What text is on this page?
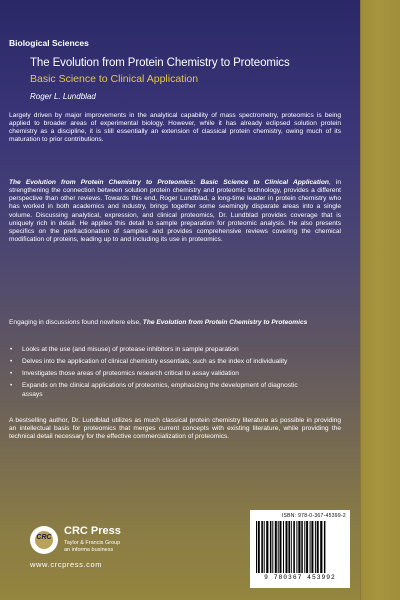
Biological Sciences
The Evolution from Protein Chemistry to Proteomics
Basic Science to Clinical Application
Roger L. Lundblad

Largely driven by major improvements in the analytical capability of mass spectrometry, proteomics is being applied to broader areas of experimental biology. However, while it has already eclipsed solution protein chemistry as a discipline, it is still essentially an extension of classical protein chemistry, owing much of its maturation to prior contributions.

The Evolution from Protein Chemistry to Proteomics: Basic Science to Clinical Application, in strengthening the connection between solution protein chemistry and proteomic technology, provides a different perspective than other reviews. Towards this end, Roger Lundblad, a long-time leader in protein chemistry who has worked in both academics and industry, brings together some seemingly disparate areas into a single volume. Discussing analytical, expression, and clinical proteomics, Dr. Lundblad provides coverage that is uniquely rich in detail. He applies this detail to sample preparation for proteomic analysis. He also presents specifics on the prefractionation of samples and provides comprehensive reviews covering the chemical modification of proteins, leading up to and including its use in proteomics.

Engaging in discussions found nowhere else, The Evolution from Protein Chemistry to Proteomics

• Looks at the use (and misuse) of protease inhibitors in sample preparation
• Delves into the application of clinical chemistry essentials, such as the index of individuality
• Investigates those areas of proteomics research critical to assay validation
• Expands on the clinical applications of proteomics, emphasizing the development of diagnostic assays

A bestselling author, Dr. Lundblad utilizes as much classical protein chemistry literature as possible in providing an intellectual basis for proteomics that merges current concepts with existing literature, while providing the technical detail necessary for the effective commercialization of proteomics.

CRC
CRC Press
Taylor & Francis Group
an informa business
www.crcpress.com
ISBN: 978-0-367-45399-2
9 780367 453992
